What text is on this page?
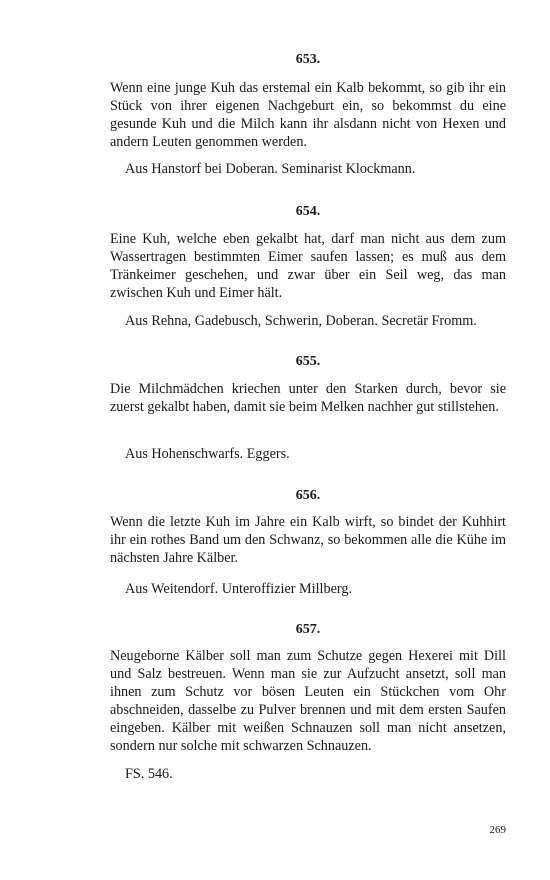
653.

Wenn eine junge Kuh das erstemal ein Kalb bekommt, so gib ihr ein Stück von ihrer eigenen Nachgeburt ein, so bekommst du eine gesunde Kuh und die Milch kann ihr alsdann nicht von Hexen und andern Leuten genommen werden.

Aus Hanstorf bei Doberan. Seminarist Klockmann.

654.

Eine Kuh, welche eben gekalbt hat, darf man nicht aus dem zum Wassertragen bestimmten Eimer saufen lassen; es muß aus dem Tränkeimer geschehen, und zwar über ein Seil weg, das man zwischen Kuh und Eimer hält.

Aus Rehna, Gadebusch, Schwerin, Doberan. Secretär Fromm.

655.

Die Milchmädchen kriechen unter den Starken durch, bevor sie zuerst gekalbt haben, damit sie beim Melken nachher gut stillstehen.

Aus Hohenschwarfs. Eggers.

656.

Wenn die letzte Kuh im Jahre ein Kalb wirft, so bindet der Kuhhirt ihr ein rothes Band um den Schwanz, so bekommen alle die Kühe im nächsten Jahre Kälber.

Aus Weitendorf. Unteroffizier Millberg.

657.

Neugeborne Kälber soll man zum Schutze gegen Hexerei mit Dill und Salz bestreuen. Wenn man sie zur Aufzucht ansetzt, soll man ihnen zum Schutz vor bösen Leuten ein Stückchen vom Ohr abschneiden, dasselbe zu Pulver brennen und mit dem ersten Saufen eingeben. Kälber mit weißen Schnauzen soll man nicht ansetzen, sondern nur solche mit schwarzen Schnauzen.

FS. 546.

269
